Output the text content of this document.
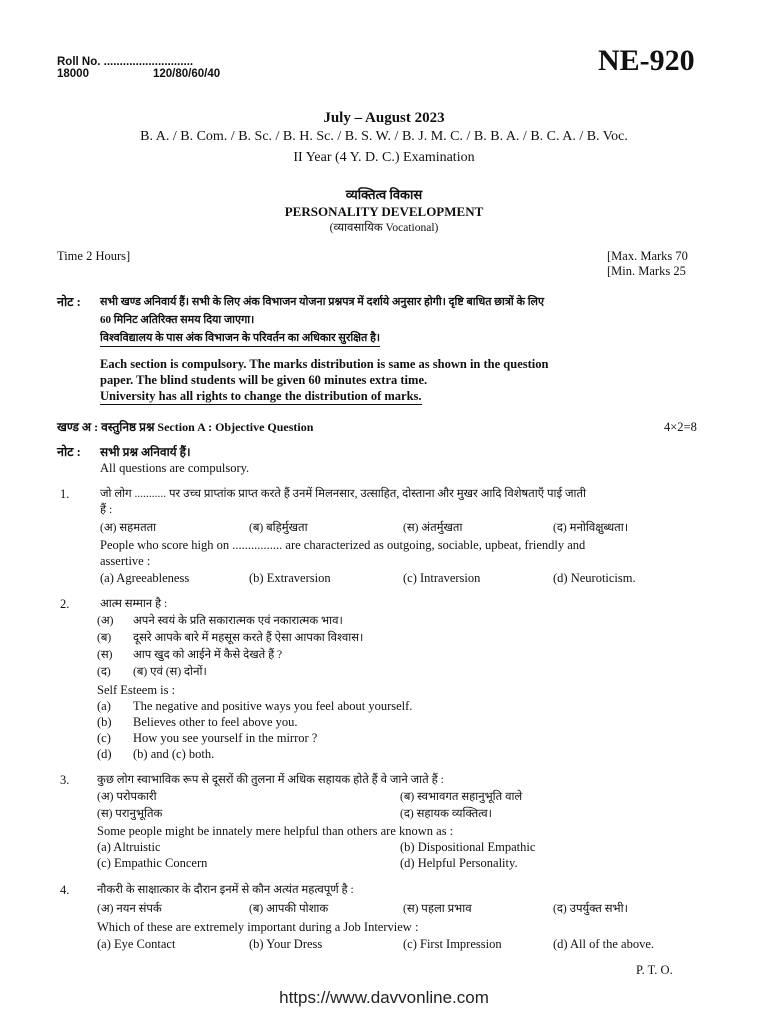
Roll No. ............................
18000	120/80/60/40	NE-920
July – August 2023
B. A. / B. Com. / B. Sc. / B. H. Sc. / B. S. W. / B. J. M. C. / B. B. A. / B. C. A. / B. Voc.
II Year (4 Y. D. C.) Examination
व्यक्तित्व विकास
PERSONALITY DEVELOPMENT
(व्यावसायिक Vocational)
Time 2 Hours]	[Max. Marks 70
[Min. Marks 25
नोट : सभी खण्ड अनिवार्य हैं। सभी के लिए अंक विभाजन योजना प्रश्नपत्र में दर्शाये अनुसार होगी। दृष्टि बाधित छात्रों के लिए
60 मिनिट अतिरिक्त समय दिया जाएगा।
विश्वविद्यालय के पास अंक विभाजन के परिवर्तन का अधिकार सुरक्षित है।
Each section is compulsory. The marks distribution is same as shown in the question
paper. The blind students will be given 60 minutes extra time.
University has all rights to change the distribution of marks.
खण्ड अ : वस्तुनिष्ठ प्रश्न Section A : Objective Question	4×2=8
नोट : सभी प्रश्न अनिवार्य हैं।
All questions are compulsory.
1.	जो लोग ........... पर उच्च प्राप्तांक प्राप्त करते हैं उनमें मिलनसार, उत्साहित, दोस्ताना और मुखर आदि विशेषताएँ पाई जाती
हैं :
(अ) सहमतता	(ब) बहिर्मुखता	(स) अंतर्मुखता	(द) मनोविक्षुब्धता।
People who score high on ................ are characterized as outgoing, sociable, upbeat, friendly and
assertive :
(a) Agreeableness	(b) Extraversion	(c) Intraversion	(d) Neuroticism.
2.	आत्म सम्मान है :
(अ) अपने स्वयं के प्रति सकारात्मक एवं नकारात्मक भाव।
(ब) दूसरे आपके बारे में महसूस करते हैं ऐसा आपका विश्वास।
(स) आप खुद को आईने में कैसे देखते हैं ?
(द) (ब) एवं (स) दोनों।
Self Esteem is :
(a) The negative and positive ways you feel about yourself.
(b) Believes other to feel above you.
(c) How you see yourself in the mirror ?
(d) (b) and (c) both.
3. कुछ लोग स्वाभाविक रूप से दूसरों की तुलना में अधिक सहायक होते हैं वे जाने जाते हैं :
(अ) परोपकारी	(ब) स्वभावगत सहानुभूति वाले
(स) परानुभूतिक	(द) सहायक व्यक्तित्व।
Some people might be innately mere helpful than others are known as :
(a) Altruistic	(b) Dispositional Empathic
(c) Empathic Concern	(d) Helpful Personality.
4. नौकरी के साक्षात्कार के दौरान इनमें से कौन अत्यंत महत्वपूर्ण है :
(अ) नयन संपर्क	(ब) आपकी पोशाक	(स) पहला प्रभाव	(द) उपर्युक्त सभी।
Which of these are extremely important during a Job Interview :
(a) Eye Contact	(b) Your Dress	(c) First Impression	(d) All of the above.
P. T. O.
https://www.davvonline.com
